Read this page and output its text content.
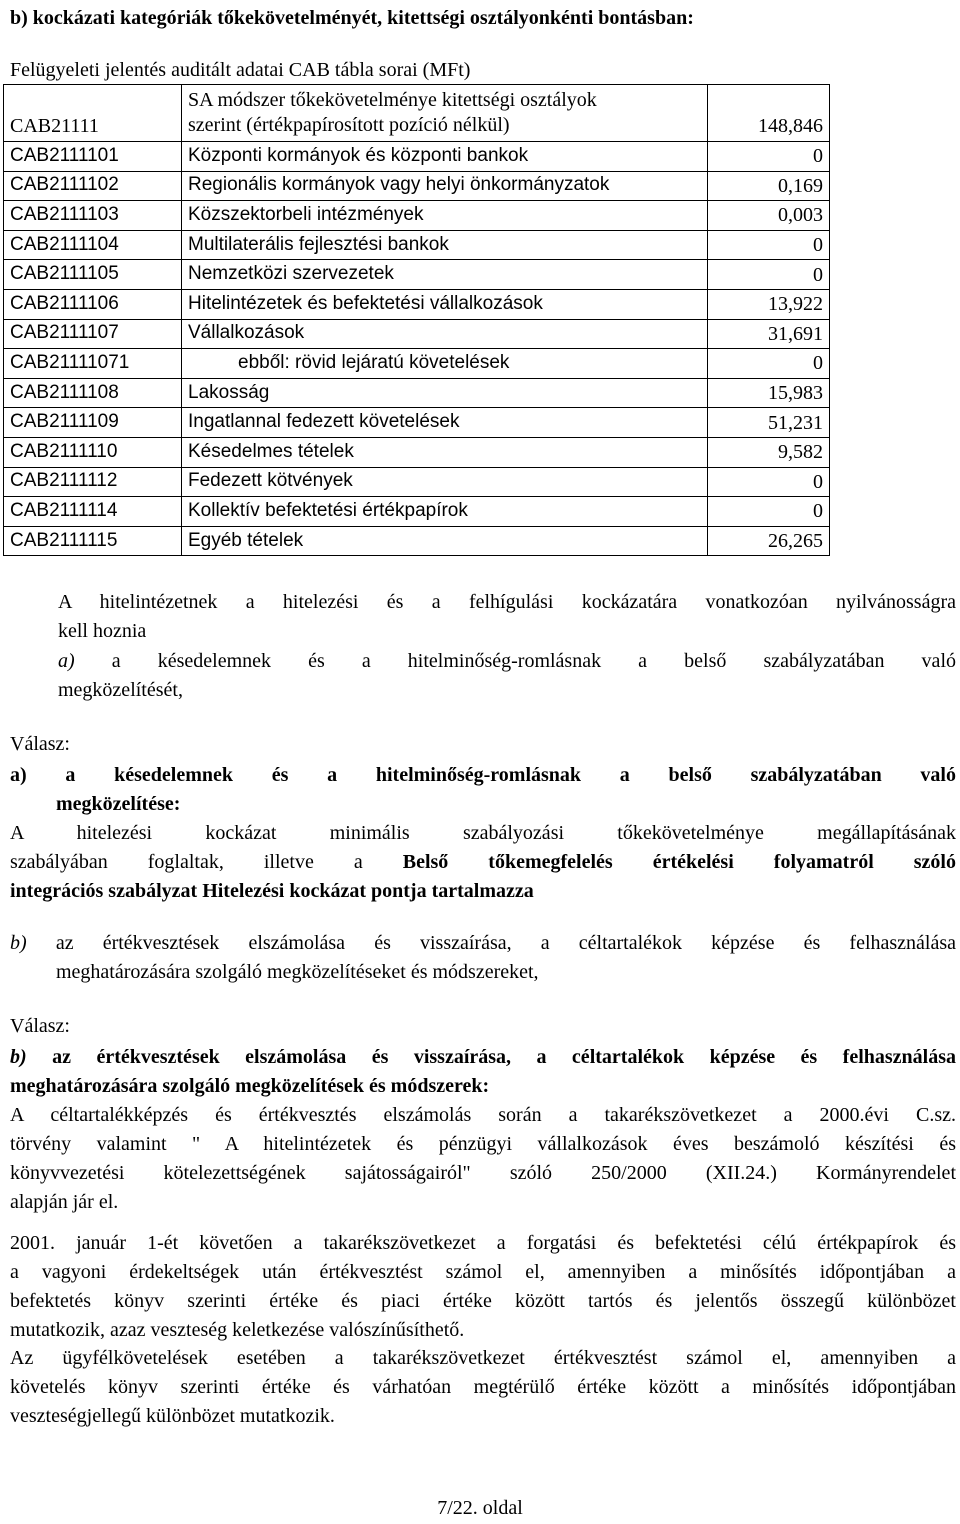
b) kockázati kategóriák tőkekövetelményét, kitettségi osztályonkénti bontásban:
Felügyeleti jelentés auditált adatai CAB tábla sorai (MFt)
CAB21111	SA módszer tőkekövetelménye kitettségi osztályok
szerint (értékpapírosított pozíció nélkül)	148,846
CAB2111101	Központi kormányok és központi bankok	0
CAB2111102	Regionális kormányok vagy helyi önkormányzatok	0,169
CAB2111103	Közszektorbeli intézmények	0,003
CAB2111104	Multilaterális fejlesztési bankok	0
CAB2111105	Nemzetközi szervezetek	0
CAB2111106	Hitelintézetek és befektetési vállalkozások	13,922
CAB2111107	Vállalkozások	31,691
CAB21111071	ebből: rövid lejáratú követelések	0
CAB2111108	Lakosság	15,983
CAB2111109	Ingatlannal fedezett követelések	51,231
CAB2111110	Késedelmes tételek	9,582
CAB2111112	Fedezett kötvények	0
CAB2111114	Kollektív befektetési értékpapírok	0
CAB2111115	Egyéb tételek	26,265
A hitelintézetnek a hitelezési és a felhígulási kockázatára vonatkozóan nyilvánosságra
kell hoznia
a) a késedelemnek és a hitelminőség-romlásnak a belső szabályzatában való
megközelítését,
Válasz:
a) a késedelemnek és a hitelminőség-romlásnak a belső szabályzatában való
megközelítése:
A hitelezési kockázat minimális szabályozási tőkekövetelménye megállapításának
szabályában foglaltak, illetve a Belső tőkemegfelelés értékelési folyamatról szóló
integrációs szabályzat Hitelezési kockázat pontja tartalmazza
b) az értékvesztések elszámolása és visszaírása, a céltartalékok képzése és felhasználása
meghatározására szolgáló megközelítéseket és módszereket,
Válasz:
b) az értékvesztések elszámolása és visszaírása, a céltartalékok képzése és felhasználása
meghatározására szolgáló megközelítések és módszerek:
A céltartalékképzés és értékvesztés elszámolás során a takarékszövetkezet a 2000.évi C.sz.
törvény valamint " A hitelintézetek és pénzügyi vállalkozások éves beszámoló készítési és
könyvvezetési kötelezettségének sajátosságairól" szóló 250/2000 (XII.24.) Kormányrendelet
alapján jár el.
2001. január 1-ét követően a takarékszövetkezet a forgatási és befektetési célú értékpapírok és
a vagyoni érdekeltségek után értékvesztést számol el, amennyiben a minősítés időpontjában a
befektetés könyv szerinti értéke és piaci értéke között tartós és jelentős összegű különbözet
mutatkozik, azaz veszteség keletkezése valószínűsíthető.
Az ügyfélkövetelések esetében a takarékszövetkezet értékvesztést számol el, amennyiben a
követelés könyv szerinti értéke és várhatóan megtérülő értéke között a minősítés időpontjában
veszteségjellegű különbözet mutatkozik.
7/22. oldal
